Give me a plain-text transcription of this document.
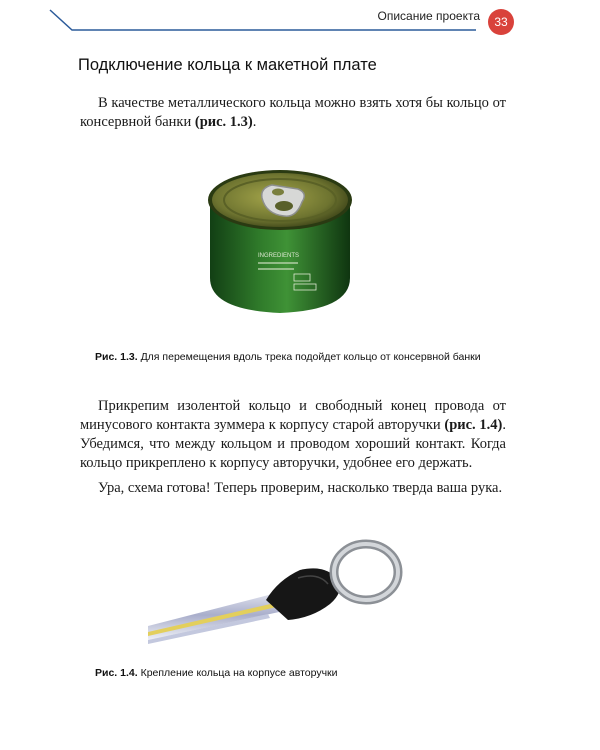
Описание проекта	33
Подключение кольца к макетной плате

В качестве металлического кольца можно взять хотя бы кольцо от консервной банки (рис. 1.3).

INGREDIENTS

Рис. 1.3. Для перемещения вдоль трека подойдет кольцо от консервной банки

Прикрепим изолентой кольцо и свободный конец провода от минусового контакта зуммера к корпусу старой авторучки (рис. 1.4). Убедимся, что между кольцом и проводом хороший контакт. Когда кольцо прикреплено к корпусу авторучки, удобнее его держать.

Ура, схема готова! Теперь проверим, насколько тверда ваша рука.

Рис. 1.4. Крепление кольца на корпусе авторучки
